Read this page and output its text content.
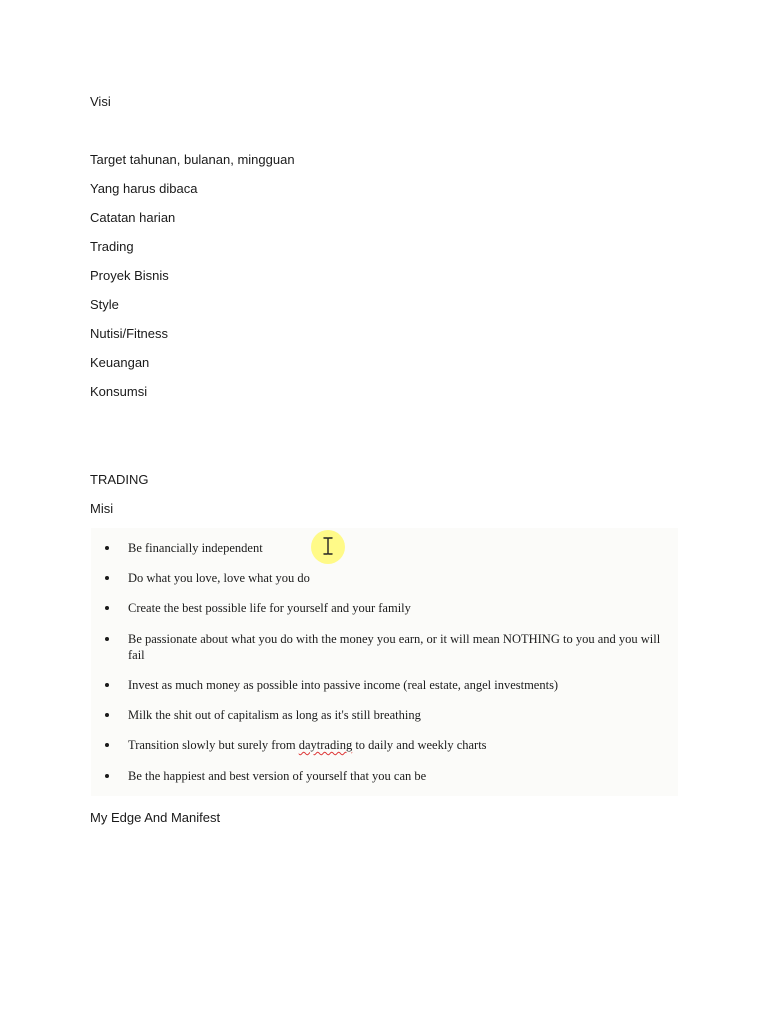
Visi
Target tahunan, bulanan, mingguan
Yang harus dibaca
Catatan harian
Trading
Proyek Bisnis
Style
Nutisi/Fitness
Keuangan
Konsumsi
TRADING
Misi
Be financially independent
Do what you love, love what you do
Create the best possible life for yourself and your family
Be passionate about what you do with the money you earn, or it will mean NOTHING to you and you will fail
Invest as much money as possible into passive income (real estate, angel investments)
Milk the shit out of capitalism as long as it's still breathing
Transition slowly but surely from daytrading to daily and weekly charts
Be the happiest and best version of yourself that you can be
My Edge And Manifest
